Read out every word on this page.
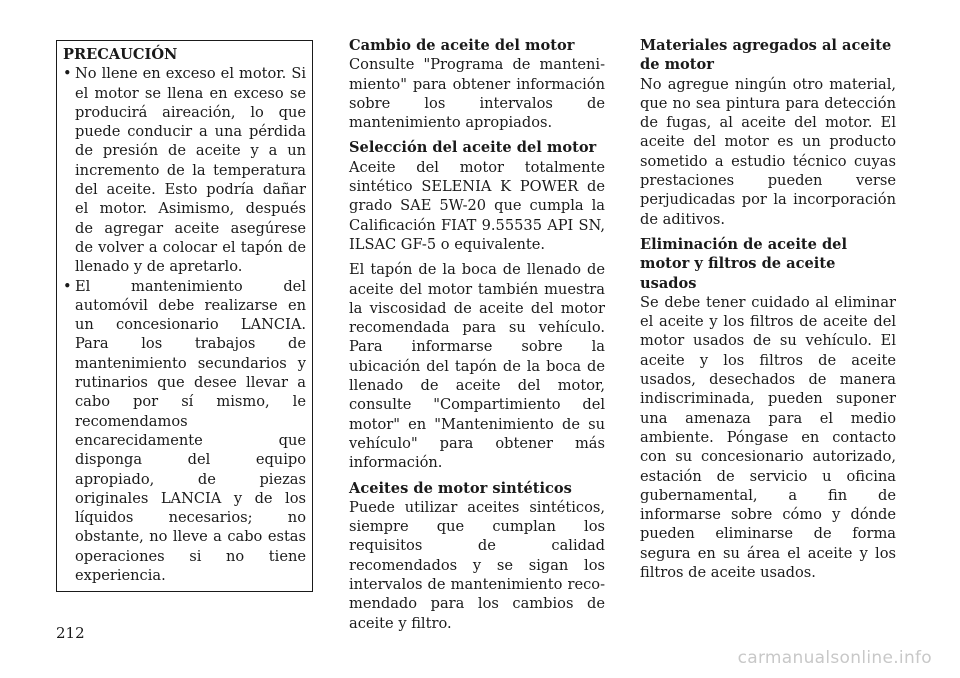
PRECAUCIÓN
• No llene en exceso el motor. Si el motor se llena en exceso se producirá aireación, lo que puede conducir a una pérdida de presión de aceite y a un incremento de la temperatura del aceite. Esto podría dañar el motor. Asimismo, después de agregar aceite asegúrese de volver a colocar el tapón de llenado y de apretarlo.
• El mantenimiento del automóvil debe realizarse en un concesionario LANCIA. Para los trabajos de mantenimiento secundarios y rutinarios que desee llevar a cabo por sí mismo, le recomendamos encarecidamente que disponga del equipo apropiado, de piezas originales LANCIA y de los líquidos necesarios; no obstante, no lleve a cabo estas operaciones si no tiene experiencia.
Cambio de aceite del motor

Consulte "Programa de mantenimiento" para obtener información sobre los intervalos de mantenimiento apropiados.

Selección del aceite del motor

Aceite del motor totalmente sintético SELENIA K POWER de grado SAE 5W-20 que cumpla la Calificación FIAT 9.55535 API SN, ILSAC GF-5 o equivalente.

El tapón de la boca de llenado de aceite del motor también muestra la viscosidad de aceite del motor recomendada para su vehículo. Para informarse sobre la ubicación del tapón de la boca de llenado de aceite del motor, consulte "Compartimiento del motor" en "Mantenimiento de su vehículo" para obtener más información.

Aceites de motor sintéticos

Puede utilizar aceites sintéticos, siempre que cumplan los requisitos de calidad recomendados y se sigan los intervalos de mantenimiento recomendado para los cambios de aceite y filtro.

Materiales agregados al aceite de motor

No agregue ningún otro material, que no sea pintura para detección de fugas, al aceite del motor. El aceite del motor es un producto sometido a estudio técnico cuyas prestaciones pueden verse perjudicadas por la incorporación de aditivos.

Eliminación de aceite del motor y filtros de aceite usados

Se debe tener cuidado al eliminar el aceite y los filtros de aceite del motor usados de su vehículo. El aceite y los filtros de aceite usados, desechados de manera indiscriminada, pueden suponer una amenaza para el medio ambiente. Póngase en contacto con su concesionario autorizado, estación de servicio u oficina gubernamental, a fin de informarse sobre cómo y dónde pueden eliminarse de forma segura en su área el aceite y los filtros de aceite usados.

212
carmanualsonline.info
